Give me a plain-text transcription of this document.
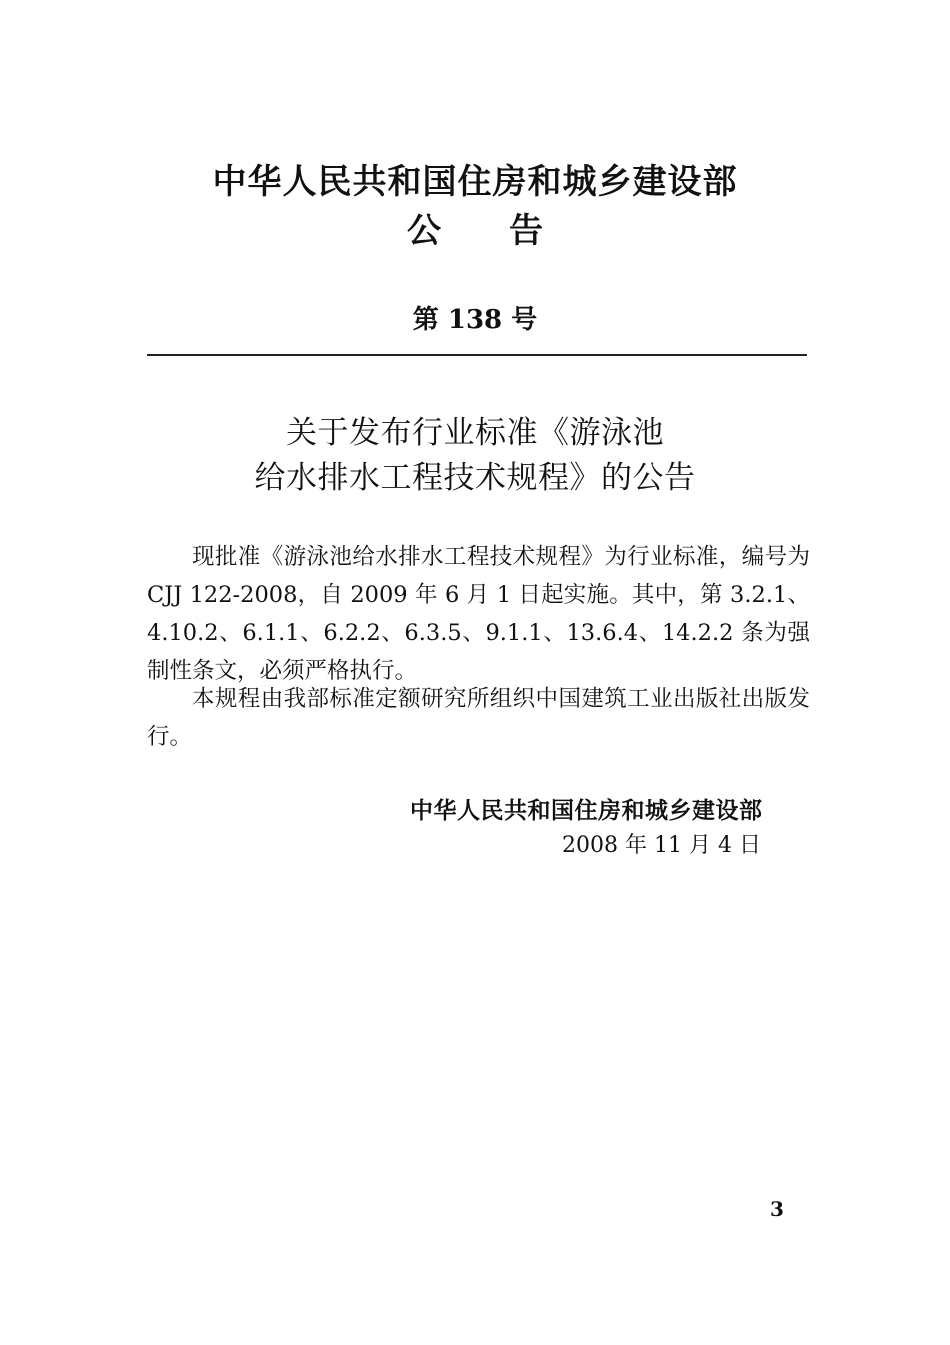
中华人民共和国住房和城乡建设部
公 告
第 138 号
关于发布行业标准《游泳池
给水排水工程技术规程》的公告

现批准《游泳池给水排水工程技术规程》为行业标准，编号为 CJJ 122-2008，自 2009 年 6 月 1 日起实施。其中，第 3.2.1、4.10.2、6.1.1、6.2.2、6.3.5、9.1.1、13.6.4、14.2.2 条为强制性条文，必须严格执行。

本规程由我部标准定额研究所组织中国建筑工业出版社出版发行。

中华人民共和国住房和城乡建设部
2008 年 11 月 4 日
3
